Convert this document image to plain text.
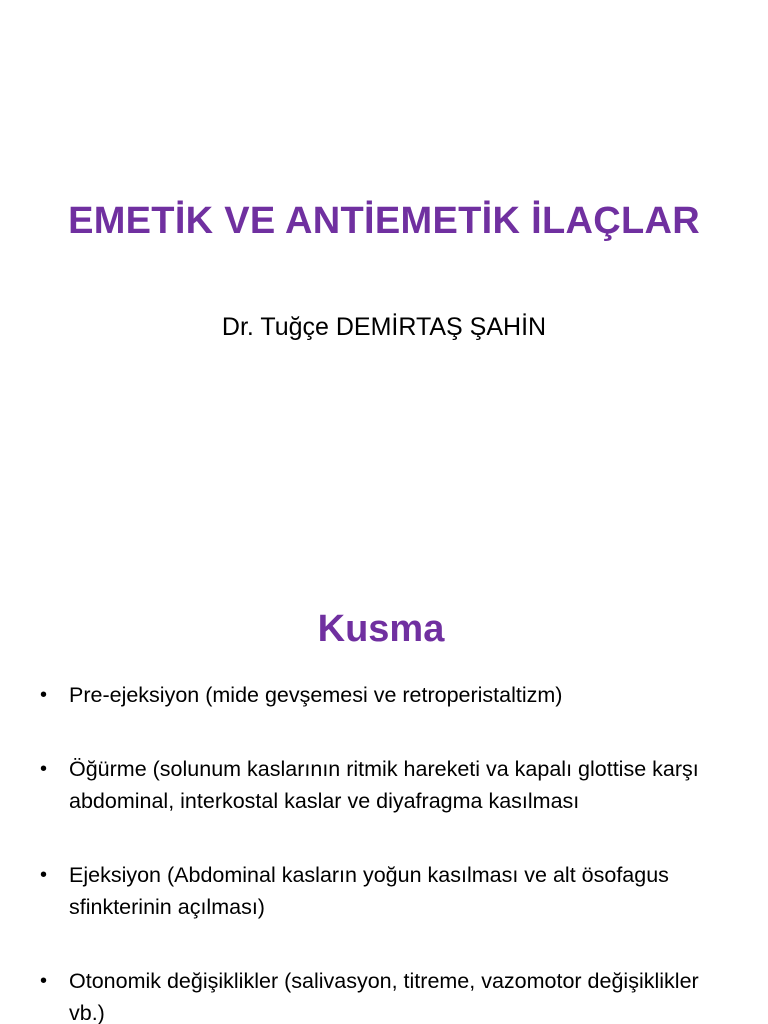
EMETİK VE ANTİEMETİK İLAÇLAR
Dr. Tuğçe DEMİRTAŞ ŞAHİN
Kusma
• Pre-ejeksiyon (mide gevşemesi ve retroperistaltizm)
• Öğürme (solunum kaslarının ritmik hareketi va kapalı glottise karşı abdominal, interkostal kaslar ve diyafragma kasılması
• Ejeksiyon (Abdominal kasların yoğun kasılması ve alt ösofagus sfinkterinin açılması)
• Otonomik değişiklikler (salivasyon, titreme, vazomotor değişiklikler vb.)
